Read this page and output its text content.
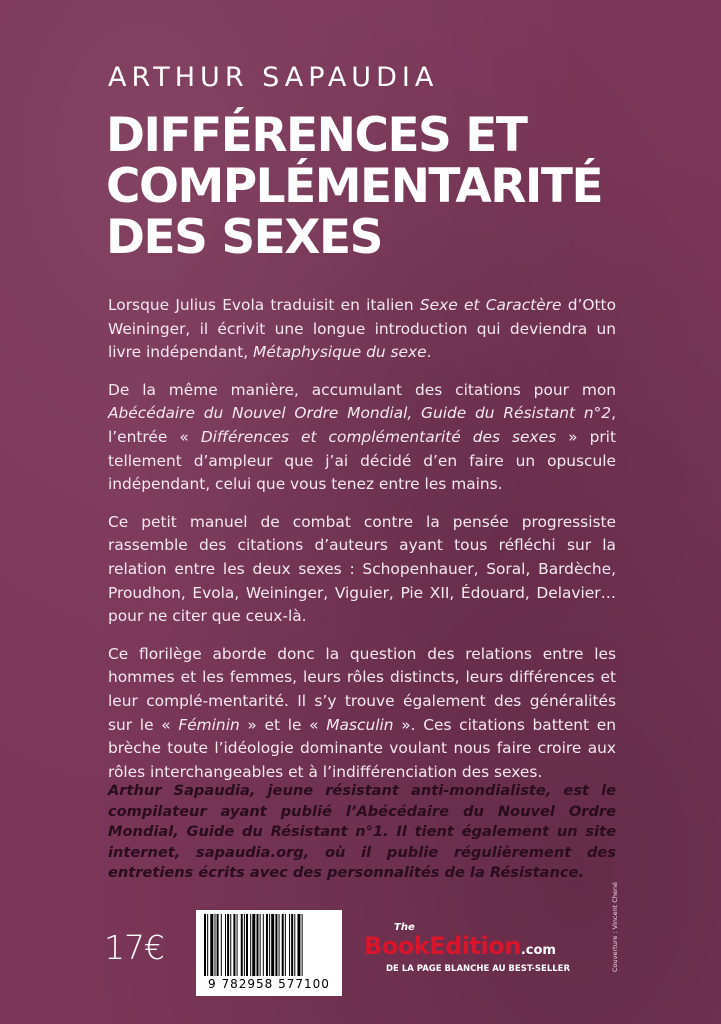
ARTHUR SAPAUDIA
DIFFÉRENCES ET
COMPLÉMENTARITÉ
DES SEXES

Lorsque Julius Evola traduisit en italien Sexe et Caractère d’Otto Weininger, il écrivit une longue introduction qui deviendra un livre indépendant, Métaphysique du sexe.

De la même manière, accumulant des citations pour mon Abécédaire du Nouvel Ordre Mondial, Guide du Résistant n°2, l’entrée « Différences et complémentarité des sexes » prit tellement d’ampleur que j’ai décidé d’en faire un opuscule indépendant, celui que vous tenez entre les mains.

Ce petit manuel de combat contre la pensée progressiste rassemble des citations d’auteurs ayant tous réfléchi sur la relation entre les deux sexes : Schopenhauer, Soral, Bardèche, Proudhon, Evola, Weininger, Viguier, Pie XII, Édouard, Delavier… pour ne citer que ceux-là.

Ce florilège aborde donc la question des relations entre les hommes et les femmes, leurs rôles distincts, leurs différences et leur complé-mentarité. Il s’y trouve également des généralités sur le « Féminin » et le « Masculin ». Ces citations battent en brèche toute l’idéologie dominante voulant nous faire croire aux rôles interchangeables et à l’indifférenciation des sexes.

Arthur Sapaudia, jeune résistant anti-mondialiste, est le compilateur ayant publié l’Abécédaire du Nouvel Ordre Mondial, Guide du Résistant n°1. Il tient également un site internet, sapaudia.org, où il publie régulièrement des entretiens écrits avec des personnalités de la Résistance.
17€
9 782958 577100
The
BookEdition.com
DE LA PAGE BLANCHE AU BEST-SELLER	Couverture : Vincent Chené
